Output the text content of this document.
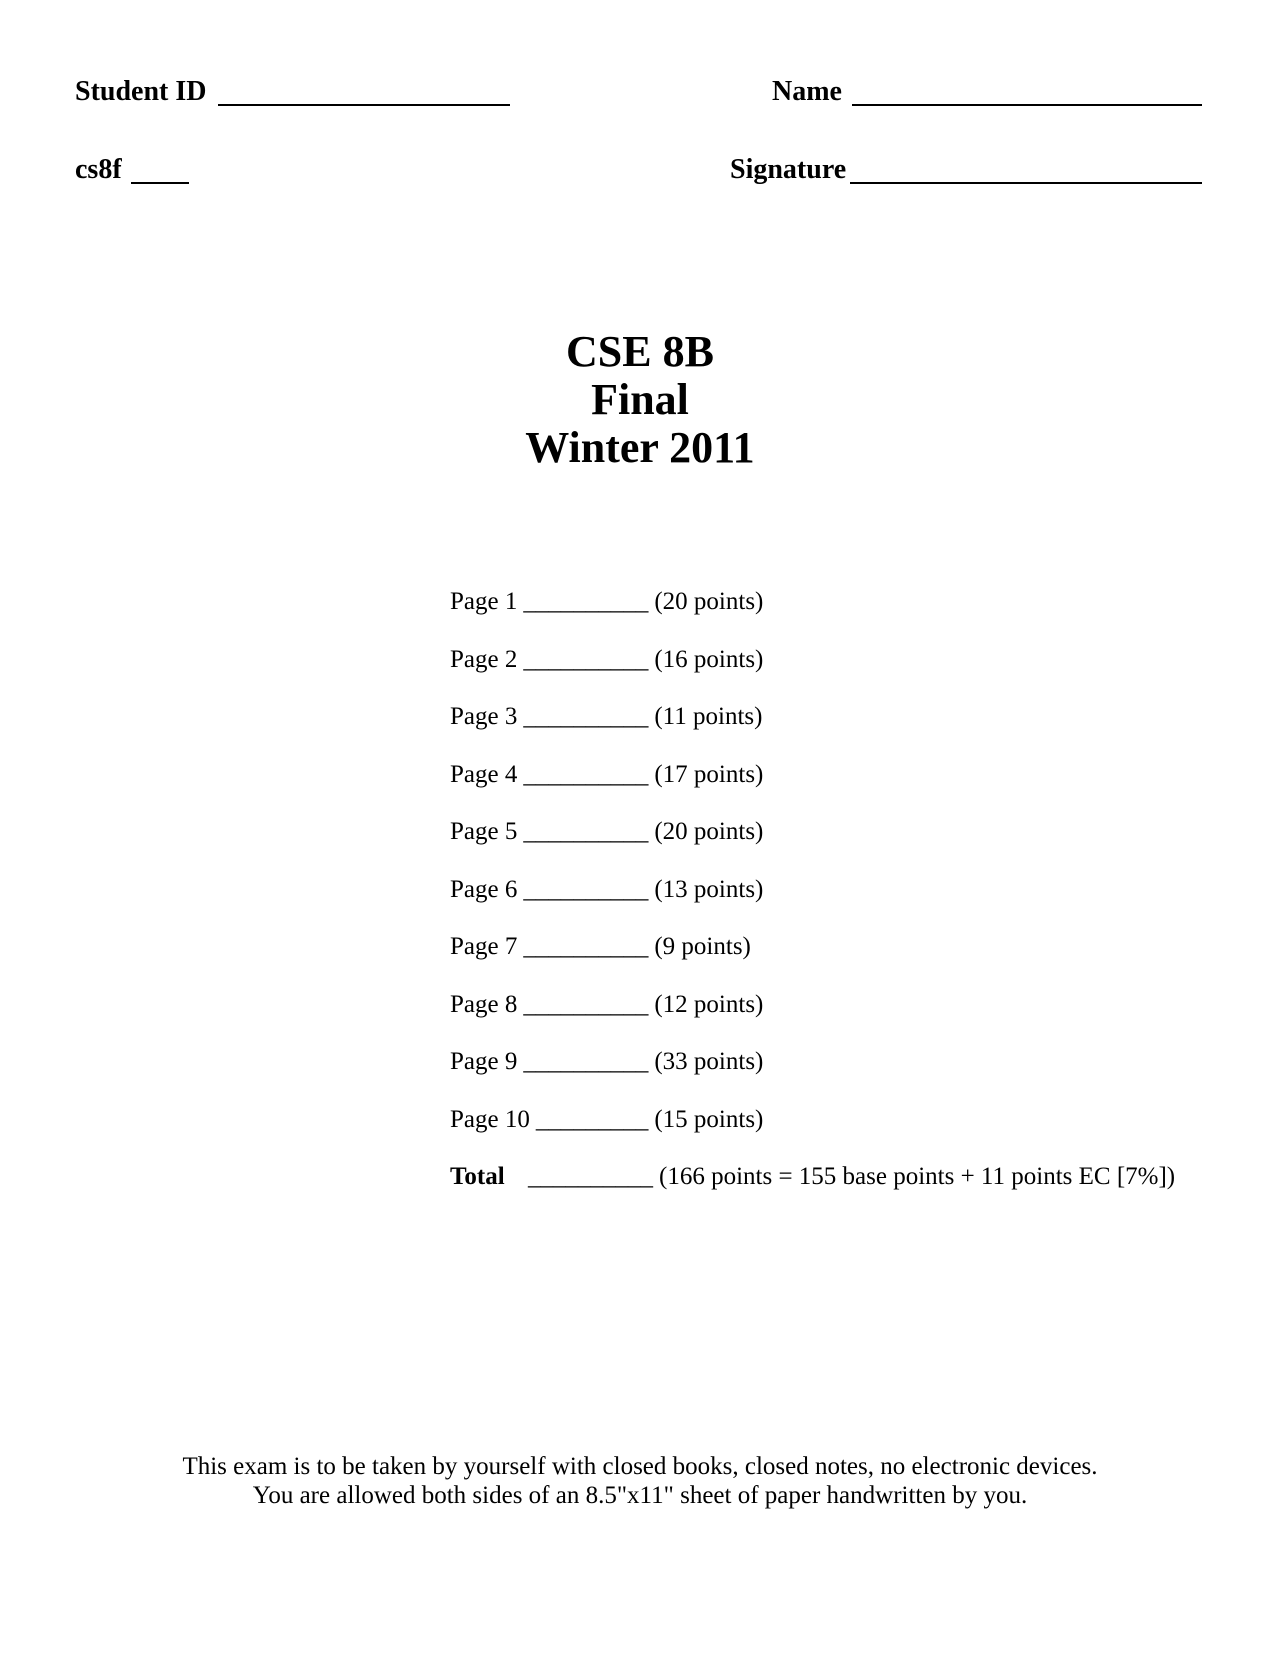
Student ID	Name
cs8f	Signature
CSE 8B
Final
Winter 2011
Page 1 __________ (20 points)
Page 2 __________ (16 points)
Page 3 __________ (11 points)
Page 4 __________ (17 points)
Page 5 __________ (20 points)
Page 6 __________ (13 points)
Page 7 __________ (9 points)
Page 8 __________ (12 points)
Page 9 __________ (33 points)
Page 10 _________ (15 points)
Total __________ (166 points = 155 base points + 11 points EC [7%])
This exam is to be taken by yourself with closed books, closed notes, no electronic devices.
You are allowed both sides of an 8.5"x11" sheet of paper handwritten by you.
